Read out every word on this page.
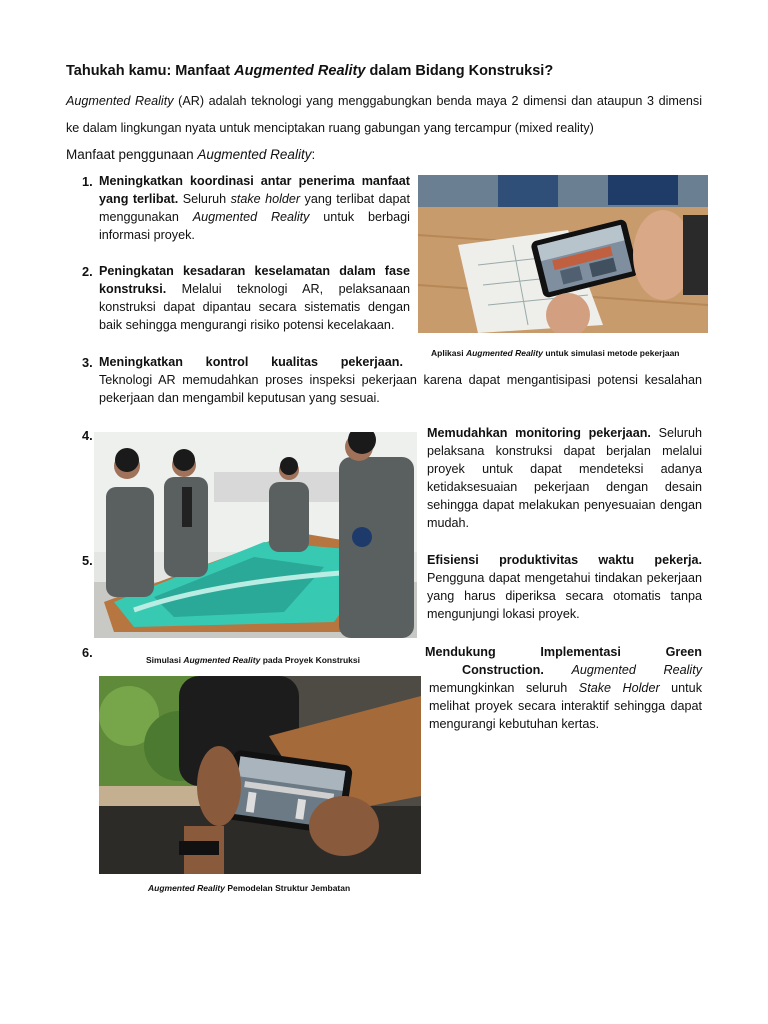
Tahukah kamu: Manfaat Augmented Reality dalam Bidang Konstruksi?
Augmented Reality (AR) adalah teknologi yang menggabungkan benda maya 2 dimensi dan ataupun 3 dimensi ke dalam lingkungan nyata untuk menciptakan ruang gabungan yang tercampur (mixed reality)
Manfaat penggunaan Augmented Reality:
1. Meningkatkan koordinasi antar penerima manfaat yang terlibat. Seluruh stake holder yang terlibat dapat menggunakan Augmented Reality untuk berbagi informasi proyek.
2. Peningkatan kesadaran keselamatan dalam fase konstruksi. Melalui teknologi AR, pelaksanaan konstruksi dapat dipantau secara sistematis dengan baik sehingga mengurangi risiko potensi kecelakaan.
Aplikasi Augmented Reality untuk simulasi metode pekerjaan
3. Meningkatkan kontrol kualitas pekerjaan.
Teknologi AR memudahkan proses inspeksi pekerjaan karena dapat mengantisipasi potensi kesalahan pekerjaan dan mengambil keputusan yang sesuai.
4.	Memudahkan monitoring pekerjaan. Seluruh pelaksana konstruksi dapat berjalan melalui proyek untuk dapat mendeteksi adanya ketidaksesuaian pekerjaan dengan desain sehingga dapat melakukan penyesuaian dengan mudah.
5.	Efisiensi produktivitas waktu pekerja. Pengguna dapat mengetahui tindakan pekerjaan yang harus diperiksa secara otomatis tanpa mengunjungi lokasi proyek.
6.	Mendukung Implementasi Green
Construction. Augmented Reality
memungkinkan seluruh Stake Holder untuk melihat proyek secara interaktif sehingga dapat mengurangi kebutuhan kertas.
Simulasi Augmented Reality pada Proyek Konstruksi
Augmented Reality Pemodelan Struktur Jembatan
